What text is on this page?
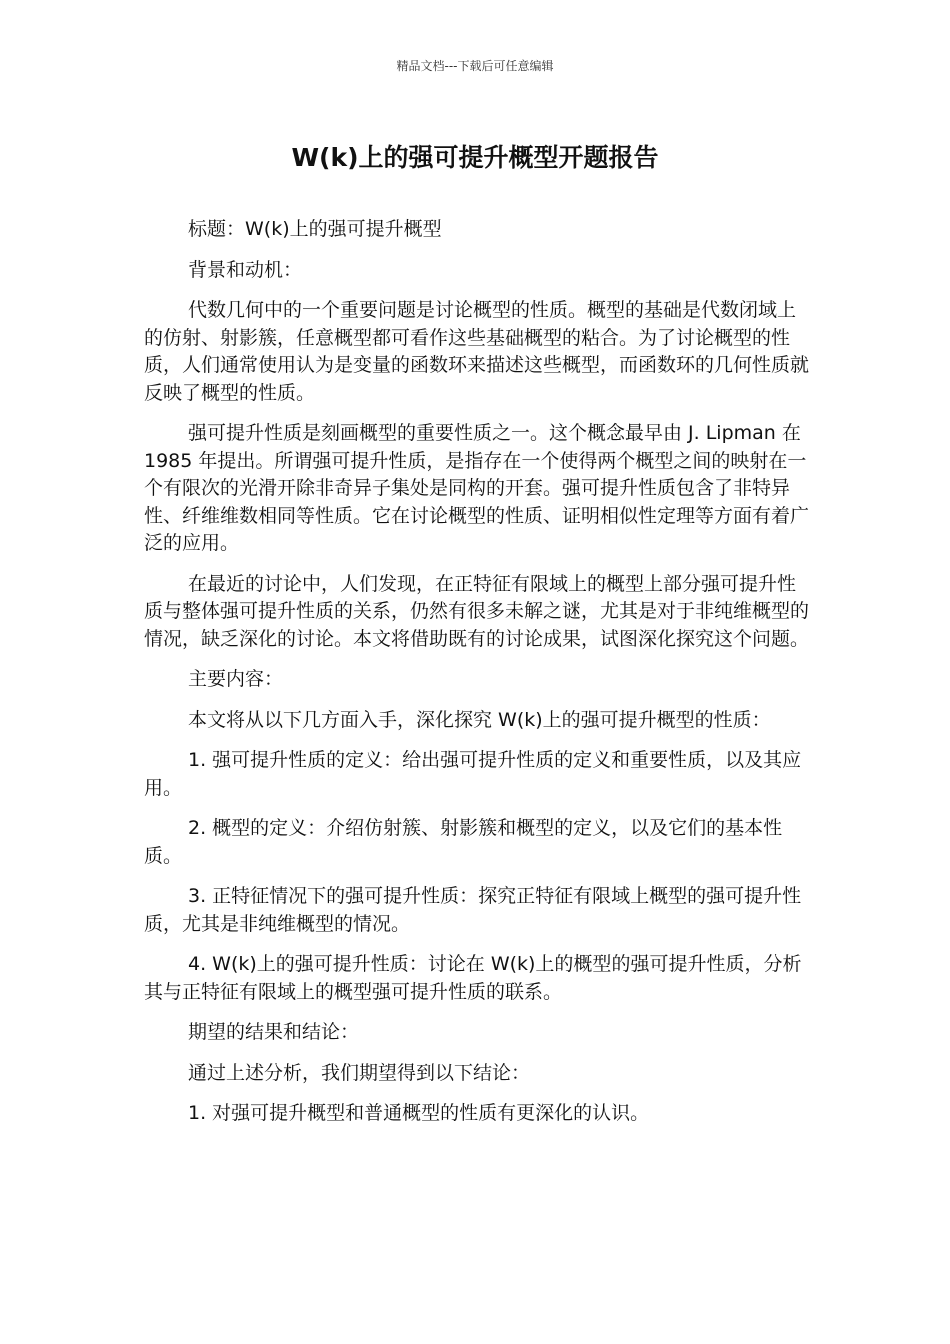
精品文档---下载后可任意编辑
W(k)上的强可提升概型开题报告

标题：W(k)上的强可提升概型

背景和动机：

代数几何中的一个重要问题是讨论概型的性质。概型的基础是代数闭域上的仿射、射影簇，任意概型都可看作这些基础概型的粘合。为了讨论概型的性质，人们通常使用认为是变量的函数环来描述这些概型，而函数环的几何性质就反映了概型的性质。

强可提升性质是刻画概型的重要性质之一。这个概念最早由 J. Lipman 在 1985 年提出。所谓强可提升性质，是指存在一个使得两个概型之间的映射在一个有限次的光滑开除非奇异子集处是同构的开套。强可提升性质包含了非特异性、纤维维数相同等性质。它在讨论概型的性质、证明相似性定理等方面有着广泛的应用。

在最近的讨论中，人们发现，在正特征有限域上的概型上部分强可提升性质与整体强可提升性质的关系，仍然有很多未解之谜，尤其是对于非纯维概型的情况，缺乏深化的讨论。本文将借助既有的讨论成果，试图深化探究这个问题。

主要内容：

本文将从以下几方面入手，深化探究 W(k)上的强可提升概型的性质：

1. 强可提升性质的定义：给出强可提升性质的定义和重要性质，以及其应用。

2. 概型的定义：介绍仿射簇、射影簇和概型的定义，以及它们的基本性质。

3. 正特征情况下的强可提升性质：探究正特征有限域上概型的强可提升性质，尤其是非纯维概型的情况。

4. W(k)上的强可提升性质：讨论在 W(k)上的概型的强可提升性质，分析其与正特征有限域上的概型强可提升性质的联系。

期望的结果和结论：

通过上述分析，我们期望得到以下结论：

1. 对强可提升概型和普通概型的性质有更深化的认识。
